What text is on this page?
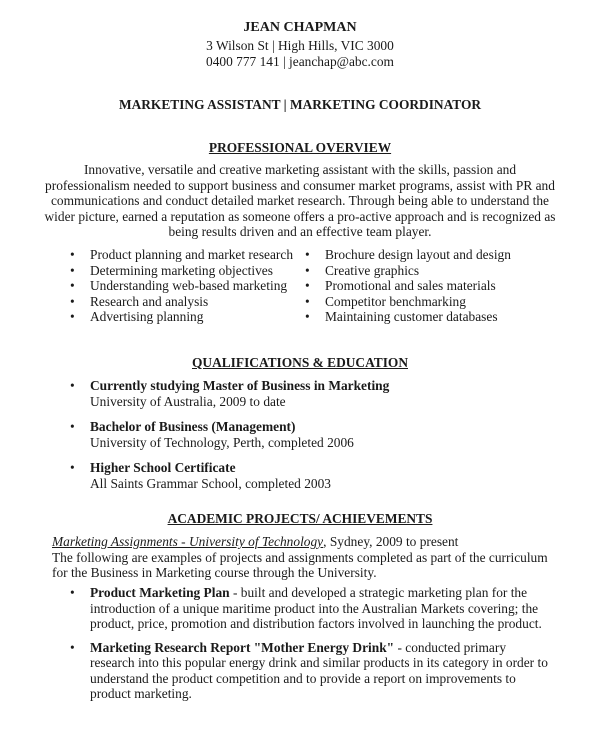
JEAN CHAPMAN
3 Wilson St | High Hills, VIC 3000
0400 777 141 | jeanchap@abc.com
MARKETING ASSISTANT | MARKETING COORDINATOR
PROFESSIONAL OVERVIEW
Innovative, versatile and creative marketing assistant with the skills, passion and professionalism needed to support business and consumer market programs, assist with PR and communications and conduct detailed market research. Through being able to understand the wider picture, earned a reputation as someone offers a pro-active approach and is recognized as being results driven and an effective team player.
• Product planning and market research
• Determining marketing objectives
• Understanding web-based marketing
• Research and analysis
• Advertising planning
• Brochure design layout and design
• Creative graphics
• Promotional and sales materials
• Competitor benchmarking
• Maintaining customer databases
QUALIFICATIONS & EDUCATION
• Currently studying Master of Business in Marketing
University of Australia, 2009 to date
• Bachelor of Business (Management)
University of Technology, Perth, completed 2006
• Higher School Certificate
All Saints Grammar School, completed 2003
ACADEMIC PROJECTS/ ACHIEVEMENTS
Marketing Assignments - University of Technology, Sydney, 2009 to present
The following are examples of projects and assignments completed as part of the curriculum for the Business in Marketing course through the University.
• Product Marketing Plan - built and developed a strategic marketing plan for the introduction of a unique maritime product into the Australian Markets covering; the product, price, promotion and distribution factors involved in launching the product.
• Marketing Research Report "Mother Energy Drink" - conducted primary research into this popular energy drink and similar products in its category in order to understand the product competition and to provide a report on improvements to product marketing.
